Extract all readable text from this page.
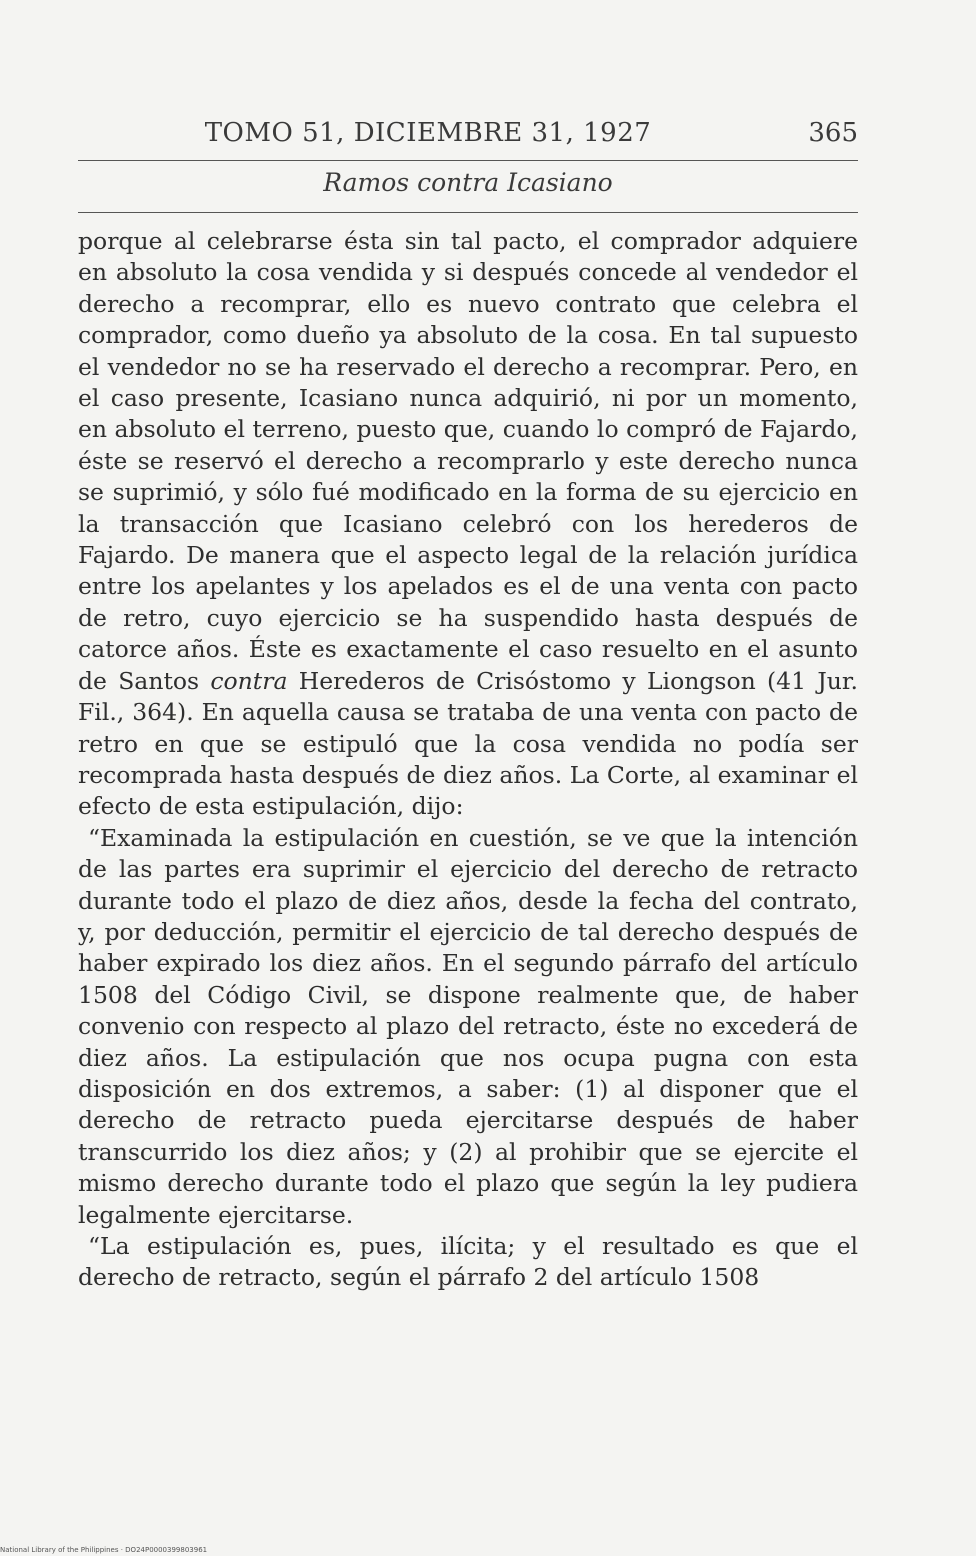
TOMO 51, DICIEMBRE 31, 1927	365
Ramos contra Icasiano

porque al celebrarse ésta sin tal pacto, el comprador adquiere en absoluto la cosa vendida y si después concede al vendedor el derecho a recomprar, ello es nuevo contrato que celebra el comprador, como dueño ya absoluto de la cosa. En tal supuesto el vendedor no se ha reservado el derecho a recomprar. Pero, en el caso presente, Icasiano nunca adquirió, ni por un momento, en absoluto el terreno, puesto que, cuando lo compró de Fajardo, éste se reservó el derecho a recomprarlo y este derecho nunca se suprimió, y sólo fué modificado en la forma de su ejercicio en la transacción que Icasiano celebró con los herederos de Fajardo. De manera que el aspecto legal de la relación jurídica entre los apelantes y los apelados es el de una venta con pacto de retro, cuyo ejercicio se ha suspendido hasta después de catorce años. Éste es exactamente el caso resuelto en el asunto de Santos contra Herederos de Crisóstomo y Liongson (41 Jur. Fil., 364). En aquella causa se trataba de una venta con pacto de retro en que se estipuló que la cosa vendida no podía ser recomprada hasta después de diez años. La Corte, al examinar el efecto de esta estipulación, dijo:

“Examinada la estipulación en cuestión, se ve que la intención de las partes era suprimir el ejercicio del derecho de retracto durante todo el plazo de diez años, desde la fecha del contrato, y, por deducción, permitir el ejercicio de tal derecho después de haber expirado los diez años. En el segundo párrafo del artículo 1508 del Código Civil, se dispone realmente que, de haber convenio con respecto al plazo del retracto, éste no excederá de diez años. La estipulación que nos ocupa pugna con esta disposición en dos extremos, a saber: (1) al disponer que el derecho de retracto pueda ejercitarse después de haber transcurrido los diez años; y (2) al prohibir que se ejercite el mismo derecho durante todo el plazo que según la ley pudiera legalmente ejercitarse.

“La estipulación es, pues, ilícita; y el resultado es que el derecho de retracto, según el párrafo 2 del artículo 1508

National Library of the Philippines · DO24P0000399803961
